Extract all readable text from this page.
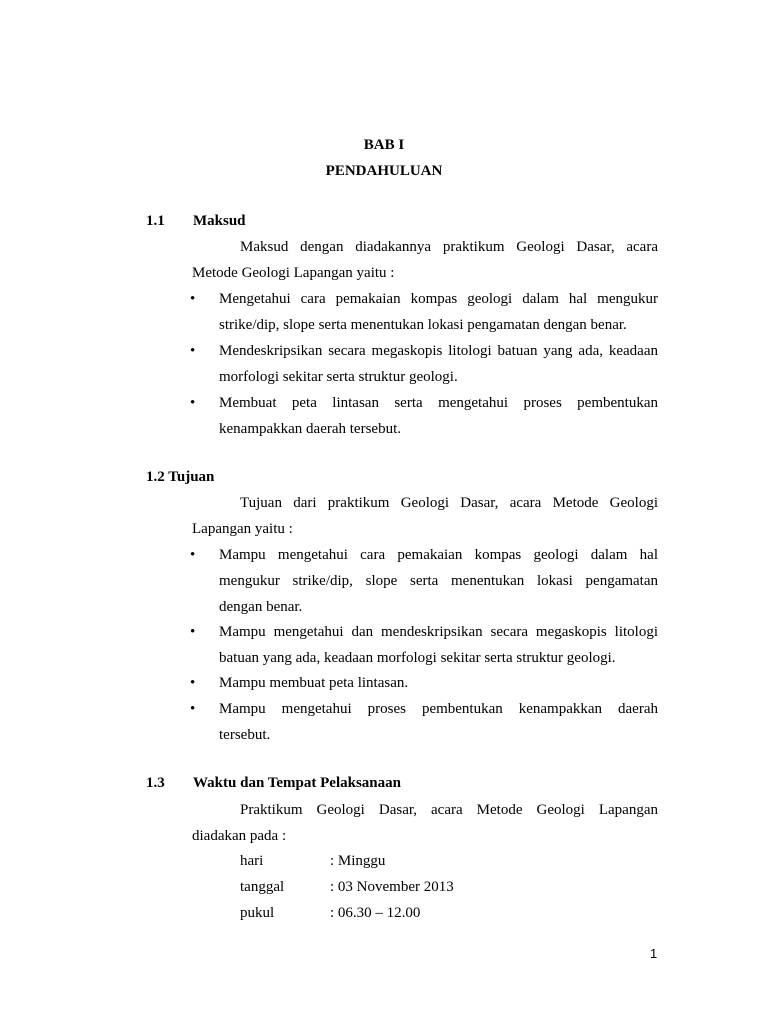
BAB I
PENDAHULUAN
1.1 Maksud
Maksud dengan diadakannya praktikum Geologi Dasar, acara
Metode Geologi Lapangan yaitu :
• Mengetahui cara pemakaian kompas geologi dalam hal mengukur
strike/dip, slope serta menentukan lokasi pengamatan dengan benar.
• Mendeskripsikan secara megaskopis litologi batuan yang ada, keadaan
morfologi sekitar serta struktur geologi.
• Membuat peta lintasan serta mengetahui proses pembentukan
kenampakkan daerah tersebut.
1.2 Tujuan
Tujuan dari praktikum Geologi Dasar, acara Metode Geologi
Lapangan yaitu :
• Mampu mengetahui cara pemakaian kompas geologi dalam hal
mengukur strike/dip, slope serta menentukan lokasi pengamatan
dengan benar.
• Mampu mengetahui dan mendeskripsikan secara megaskopis litologi
batuan yang ada, keadaan morfologi sekitar serta struktur geologi.
• Mampu membuat peta lintasan.
• Mampu mengetahui proses pembentukan kenampakkan daerah
tersebut.
1.3 Waktu dan Tempat Pelaksanaan
Praktikum Geologi Dasar, acara Metode Geologi Lapangan
diadakan pada :
hari	: Minggu
tanggal	: 03 November 2013
pukul	: 06.30 – 12.00
1
